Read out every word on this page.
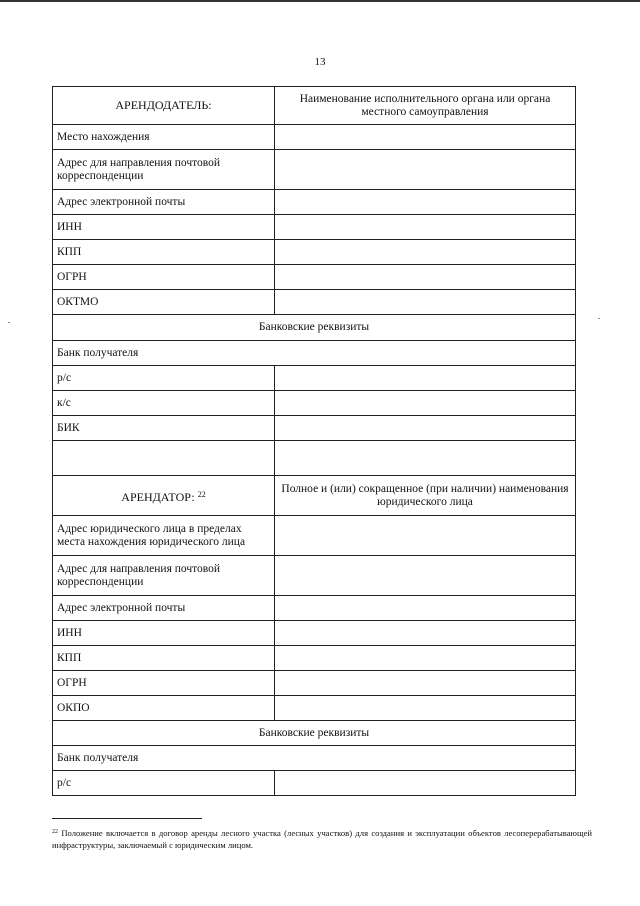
13
АРЕНДОДАТЕЛЬ:	Наименование исполнительного органа или органа местного самоуправления
Место нахождения	
Адрес для направления почтовой корреспонденции	
Адрес электронной почты	
ИНН	
КПП	
ОГРН	
ОКТМО	
Банковские реквизиты	
Банк получателя	
р/с	
к/с	
БИК	

АРЕНДАТОР: $^{22}$	Полное и (или) сокращенное (при наличии) наименования юридического лица
Адрес юридического лица в пределах места нахождения юридического лица	
Адрес для направления почтовой корреспонденции	
Адрес электронной почты	
ИНН	
КПП	
ОГРН	
ОКПО	
Банковские реквизиты	
Банк получателя	
р/с	
$^{22}$ Положение включается в договор аренды лесного участка (лесных участков) для создания и эксплуатации объектов лесоперерабатывающей инфраструктуры, заключаемый с юридическим лицом.
